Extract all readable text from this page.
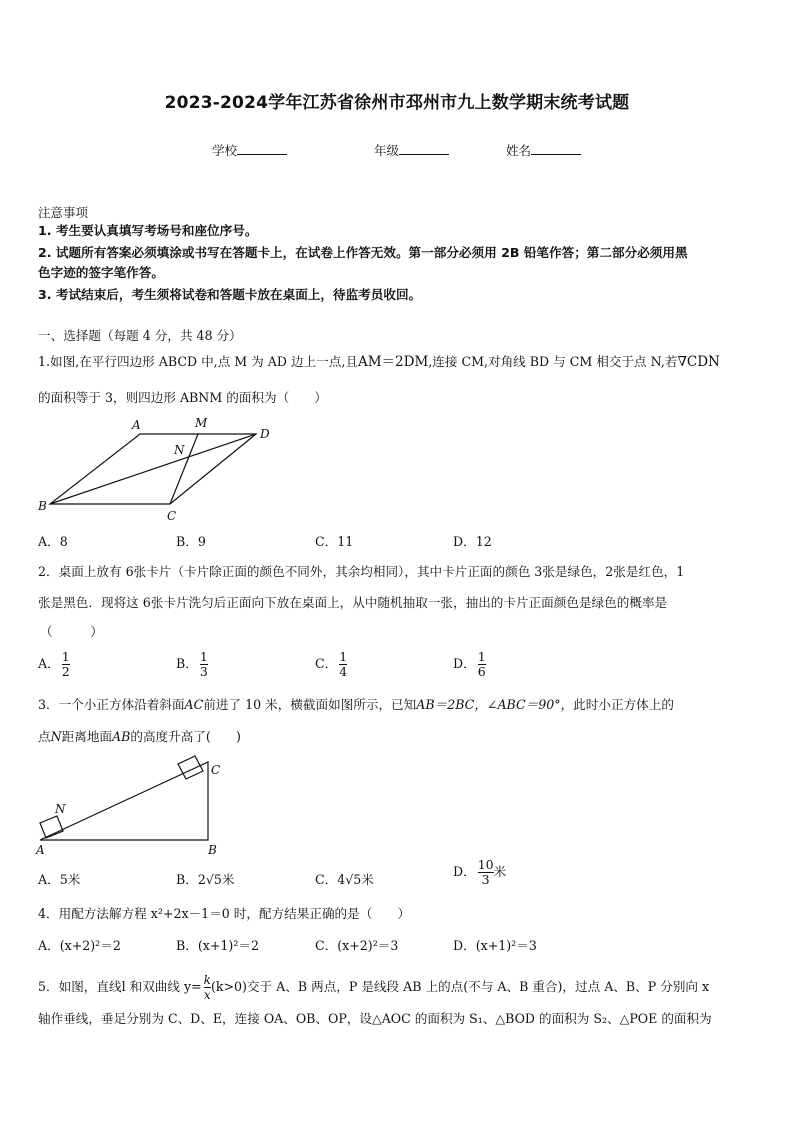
2023-2024学年江苏省徐州市邳州市九上数学期末统考试题
学校	年级	姓名
注意事项
1. 考生要认真填写考场号和座位序号。
2. 试题所有答案必须填涂或书写在答题卡上，在试卷上作答无效。第一部分必须用 2B 铅笔作答；第二部分必须用黑
色字迹的签字笔作答。
3. 考试结束后，考生须将试卷和答题卡放在桌面上，待监考员收回。
一、选择题（每题 4 分，共 48 分）
1.如图,在平行四边形 ABCD 中,点 M 为 AD 边上一点,且AM＝2DM,连接 CM,对角线 BD 与 CM 相交于点 N,若∇CDN
的面积等于 3，则四边形 ABNM 的面积为（　　）
A	M
D
N
B
C
A．8	B．9	C．11	D．12
2．桌面上放有 6张卡片（卡片除正面的颜色不同外，其余均相同），其中卡片正面的颜色 3张是绿色，2张是红色，1
张是黑色．现将这 6张卡片洗匀后正面向下放在桌面上，从中随机抽取一张，抽出的卡片正面颜色是绿色的概率是
（　　　）
A． $\frac{1}{2}$	B． $\frac{1}{3}$	C． $\frac{1}{4}$	D． $\frac{1}{6}$
3．一个小正方体沿着斜面AC前进了 10 米，横截面如图所示，已知AB＝2BC，∠ABC＝90°，此时小正方体上的
点N距离地面AB的高度升高了(　　)
N
C
A	B
A．5米	B．2√5米	C．4√5米
D． $\frac{10}{3}$ 米
4．用配方法解方程 x²+2x－1＝0 时，配方结果正确的是（　　）
A．(x+2)²＝2	B．(x+1)²＝2	C．(x+2)²＝3	D．(x+1)²＝3
5．如图，直线l 和双曲线 $y= \frac{k}{x} (k>0)$交于 A、B 两点，P 是线段 AB 上的点(不与 A、B 重合)，过点 A、B、P 分别向 x
轴作垂线，垂足分别为 C、D、E，连接 OA、OB、OP，设△AOC 的面积为 S₁、△BOD 的面积为 S₂、△POE 的面积为
